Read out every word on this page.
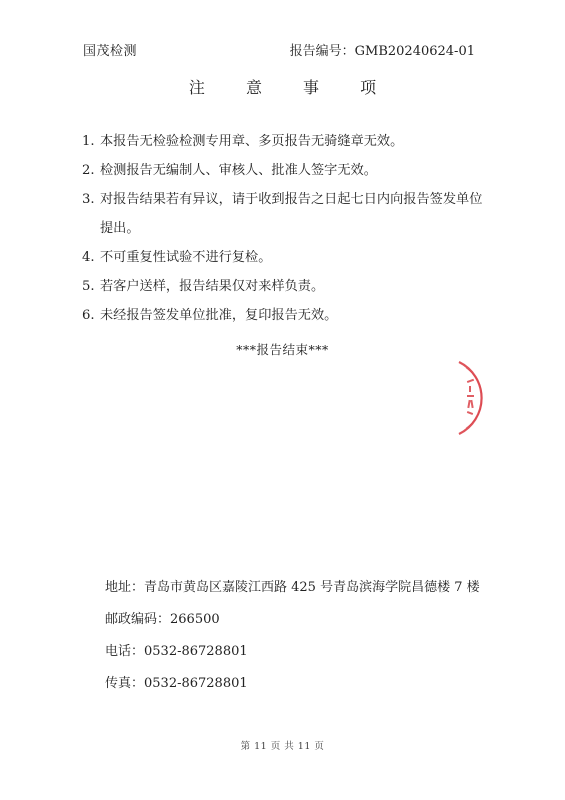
国茂检测	报告编号：GMB20240624-01
注 意 事 项
1. 本报告无检验检测专用章、多页报告无骑缝章无效。
2. 检测报告无编制人、审核人、批准人签字无效。
3. 对报告结果若有异议，请于收到报告之日起七日内向报告签发单位提出。
4. 不可重复性试验不进行复检。
5. 若客户送样，报告结果仅对来样负责。
6. 未经报告签发单位批准，复印报告无效。
***报告结束***
地址：青岛市黄岛区嘉陵江西路 425 号青岛滨海学院昌德楼 7 楼
邮政编码：266500
电话：0532-86728801
传真：0532-86728801
第 11 页 共 11 页
